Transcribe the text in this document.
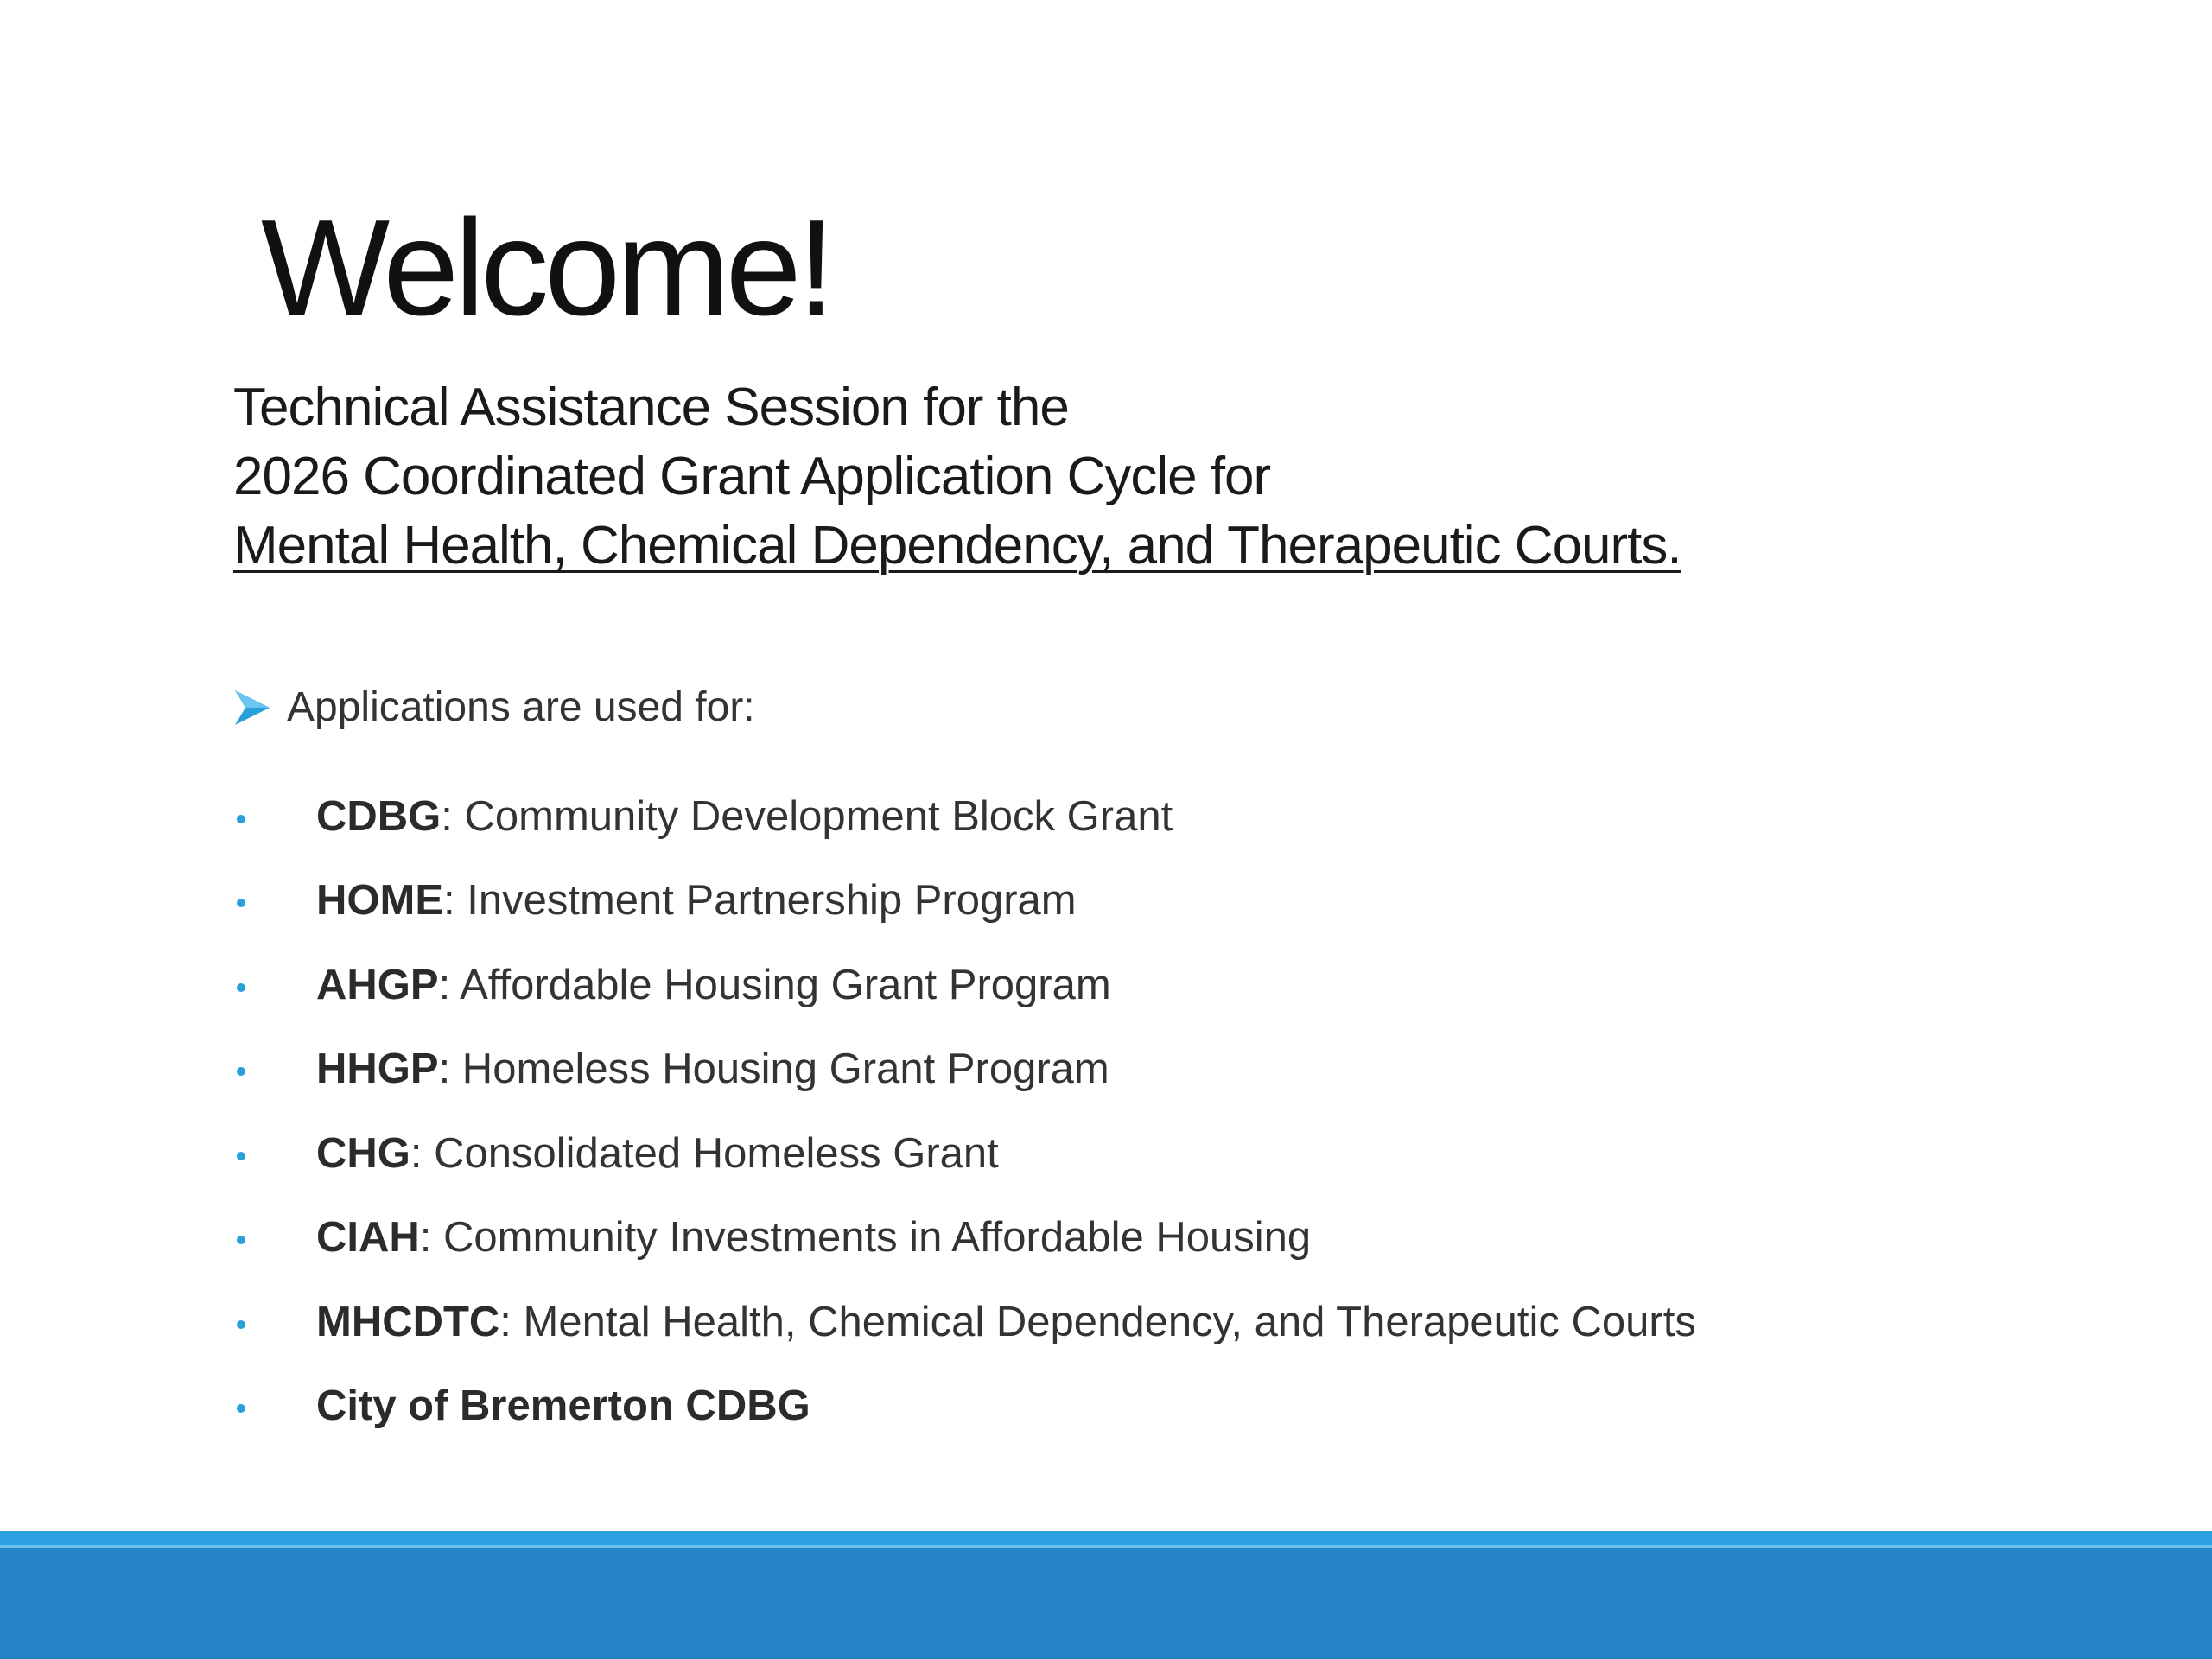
Welcome!
Technical Assistance Session for the
2026 Coordinated Grant Application Cycle for
Mental Health, Chemical Dependency, and Therapeutic Courts.
Applications are used for:
CDBG: Community Development Block Grant
HOME: Investment Partnership Program
AHGP: Affordable Housing Grant Program
HHGP: Homeless Housing Grant Program
CHG: Consolidated Homeless Grant
CIAH: Community Investments in Affordable Housing
MHCDTC: Mental Health, Chemical Dependency, and Therapeutic Courts
City of Bremerton CDBG
